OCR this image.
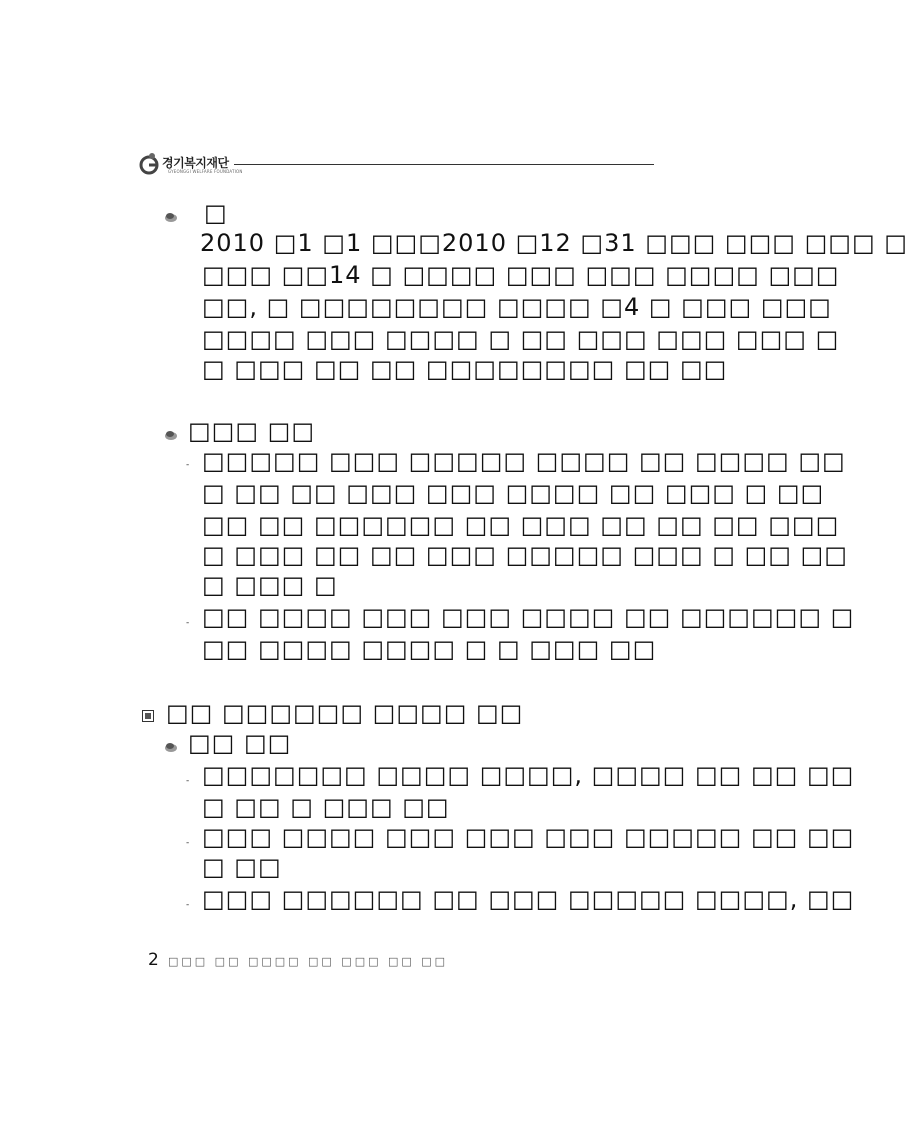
경기복지재단
GYEONGGI WELFARE FOUNDATION
□
2010 □1 □1 □□□2010 □12 □31 □□□ □□□ □□□ □
□□□ □□14 □ □□□□ □□□ □□□ □□□□ □□□
□□, □ □□□□□□□□ □□□□ □4 □ □□□ □□□
□□□□ □□□ □□□□ □ □□ □□□ □□□ □□□ □
□ □□□ □□ □□ □□□□□□□□ □□ □□
□□□ □□
- □□□□□ □□□ □□□□□ □□□□ □□ □□□□ □□
□ □□ □□ □□□ □□□ □□□□ □□ □□□ □ □□
□□ □□ □□□□□□ □□ □□□ □□ □□ □□ □□□
□ □□□ □□ □□ □□□ □□□□□ □□□ □ □□ □□
□ □□□ □
- □□ □□□□ □□□ □□□ □□□□ □□ □□□□□□ □
□□ □□□□ □□□□ □ □ □□□ □□
□□ □□□□□□ □□□□ □□
□□ □□
- □□□□□□□ □□□□ □□□□, □□□□ □□ □□ □□
□ □□ □ □□□ □□
- □□□ □□□□ □□□ □□□ □□□ □□□□□ □□ □□
□ □□
- □□□ □□□□□□ □□ □□□ □□□□□ □□□□, □□
2 □□□ □□ □□□□ □□ □□□ □□ □□
